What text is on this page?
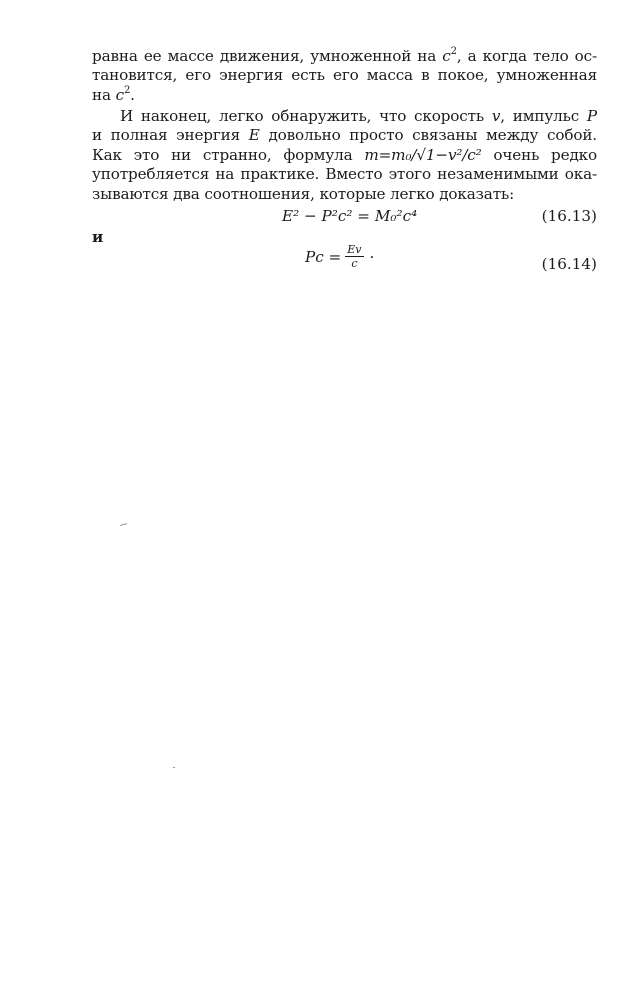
равна ее массе движения, умноженной на $c^2$, а когда тело ос-
тановится, его энергия есть его масса в покое, умноженная
на $c^2$.
И наконец, легко обнаружить, что скорость v, импульс P
и полная энергия E довольно просто связаны между собой.
Как это ни странно, формула m=m₀/√1−v²/c² очень редко
употребляется на практике. Вместо этого незаменимыми ока-
зываются два соотношения, которые легко доказать:
E² − P²c² = M₀²c⁴	(16.13)
и
$Pc = \frac{Ev}{c}$ ·	(16.14)
